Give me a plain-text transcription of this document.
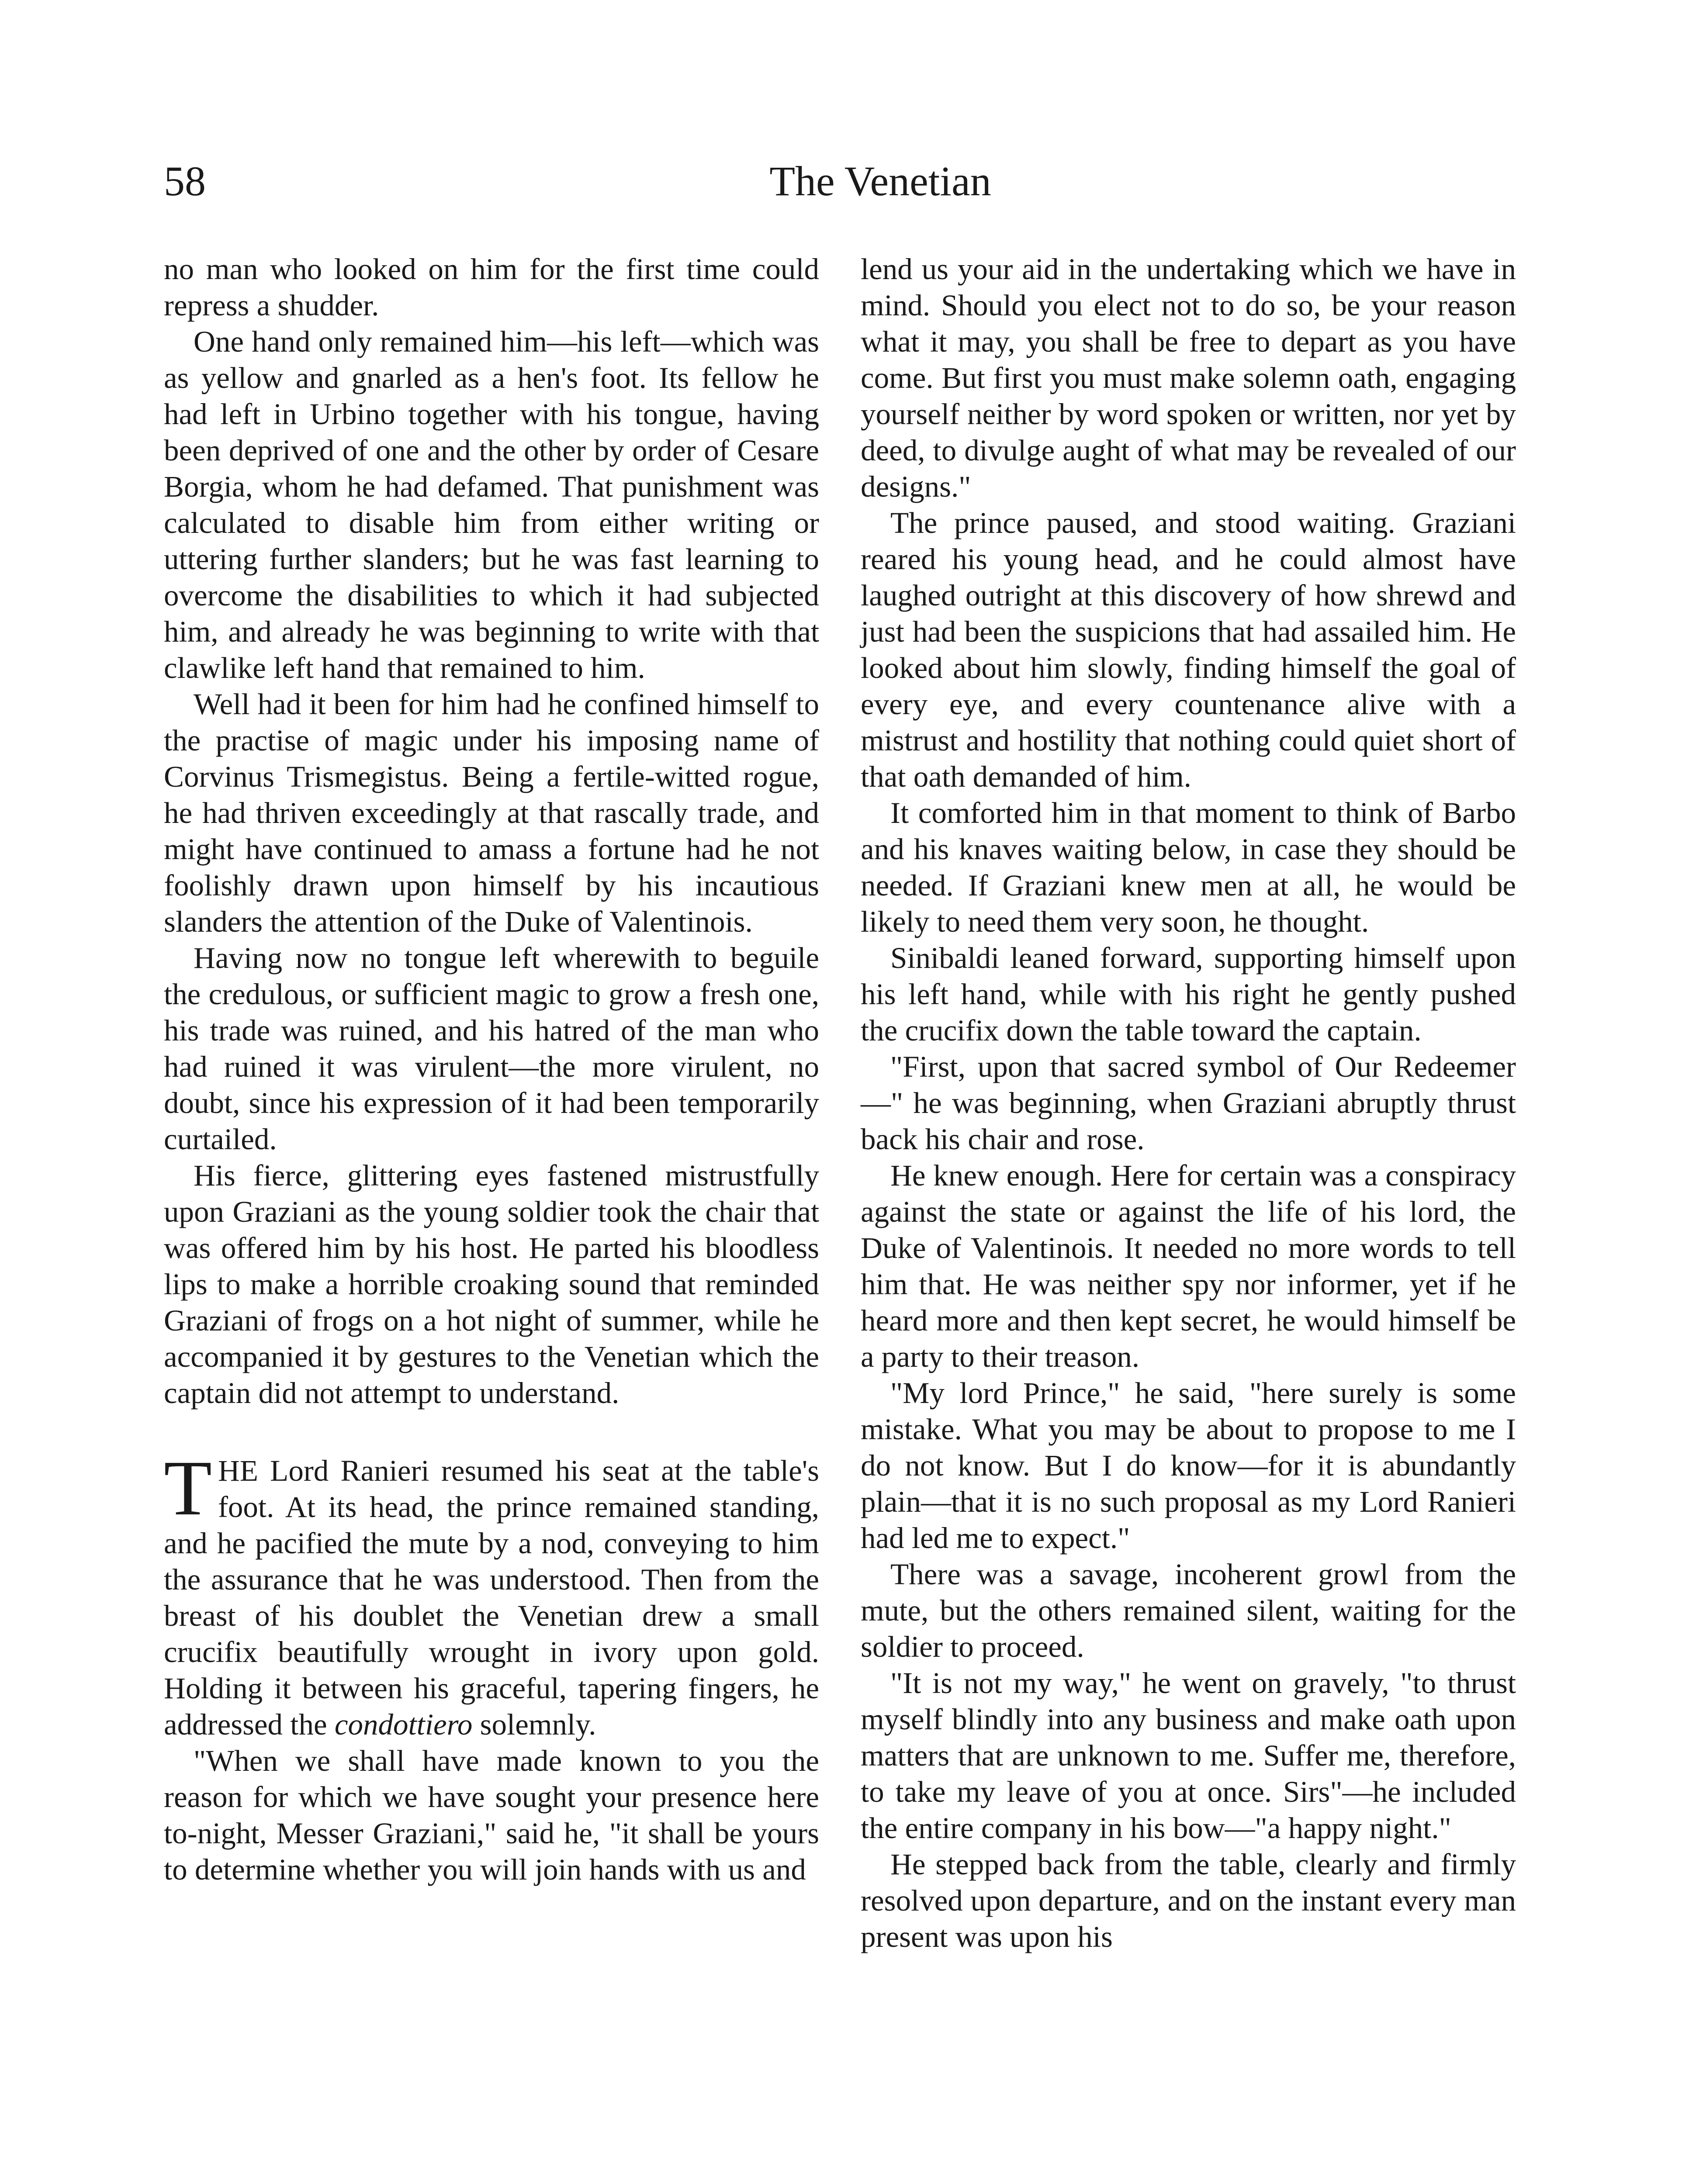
58	The Venetian

no man who looked on him for the first time could repress a shudder.

One hand only remained him—his left—which was as yellow and gnarled as a hen's foot. Its fellow he had left in Urbino together with his tongue, having been deprived of one and the other by order of Cesare Borgia, whom he had defamed. That punishment was calculated to disable him from either writing or uttering further slanders; but he was fast learning to overcome the disabilities to which it had subjected him, and already he was beginning to write with that clawlike left hand that remained to him.

Well had it been for him had he confined himself to the practise of magic under his imposing name of Corvinus Trismegistus. Being a fertile-witted rogue, he had thriven exceedingly at that rascally trade, and might have continued to amass a fortune had he not foolishly drawn upon himself by his incautious slanders the attention of the Duke of Valentinois.

Having now no tongue left wherewith to beguile the credulous, or sufficient magic to grow a fresh one, his trade was ruined, and his hatred of the man who had ruined it was virulent—the more virulent, no doubt, since his expression of it had been temporarily curtailed.

His fierce, glittering eyes fastened mistrustfully upon Graziani as the young soldier took the chair that was offered him by his host. He parted his bloodless lips to make a horrible croaking sound that reminded Graziani of frogs on a hot night of summer, while he accompanied it by gestures to the Venetian which the captain did not attempt to understand.

THE Lord Ranieri resumed his seat at the table's foot. At its head, the prince remained standing, and he pacified the mute by a nod, conveying to him the assurance that he was understood. Then from the breast of his doublet the Venetian drew a small crucifix beautifully wrought in ivory upon gold. Holding it between his graceful, tapering fingers, he addressed the condottiero solemnly.

"When we shall have made known to you the reason for which we have sought your presence here to-night, Messer Graziani," said he, "it shall be yours to determine whether you will join hands with us and

lend us your aid in the undertaking which we have in mind. Should you elect not to do so, be your reason what it may, you shall be free to depart as you have come. But first you must make solemn oath, engaging yourself neither by word spoken or written, nor yet by deed, to divulge aught of what may be revealed of our designs."

The prince paused, and stood waiting. Graziani reared his young head, and he could almost have laughed outright at this discovery of how shrewd and just had been the suspicions that had assailed him. He looked about him slowly, finding himself the goal of every eye, and every countenance alive with a mistrust and hostility that nothing could quiet short of that oath demanded of him.

It comforted him in that moment to think of Barbo and his knaves waiting below, in case they should be needed. If Graziani knew men at all, he would be likely to need them very soon, he thought.

Sinibaldi leaned forward, supporting himself upon his left hand, while with his right he gently pushed the crucifix down the table toward the captain.

"First, upon that sacred symbol of Our Redeemer—" he was beginning, when Graziani abruptly thrust back his chair and rose.

He knew enough. Here for certain was a conspiracy against the state or against the life of his lord, the Duke of Valentinois. It needed no more words to tell him that. He was neither spy nor informer, yet if he heard more and then kept secret, he would himself be a party to their treason.

"My lord Prince," he said, "here surely is some mistake. What you may be about to propose to me I do not know. But I do know—for it is abundantly plain—that it is no such proposal as my Lord Ranieri had led me to expect."

There was a savage, incoherent growl from the mute, but the others remained silent, waiting for the soldier to proceed.

"It is not my way," he went on gravely, "to thrust myself blindly into any business and make oath upon matters that are unknown to me. Suffer me, therefore, to take my leave of you at once. Sirs"—he included the entire company in his bow—"a happy night."

He stepped back from the table, clearly and firmly resolved upon departure, and on the instant every man present was upon his
